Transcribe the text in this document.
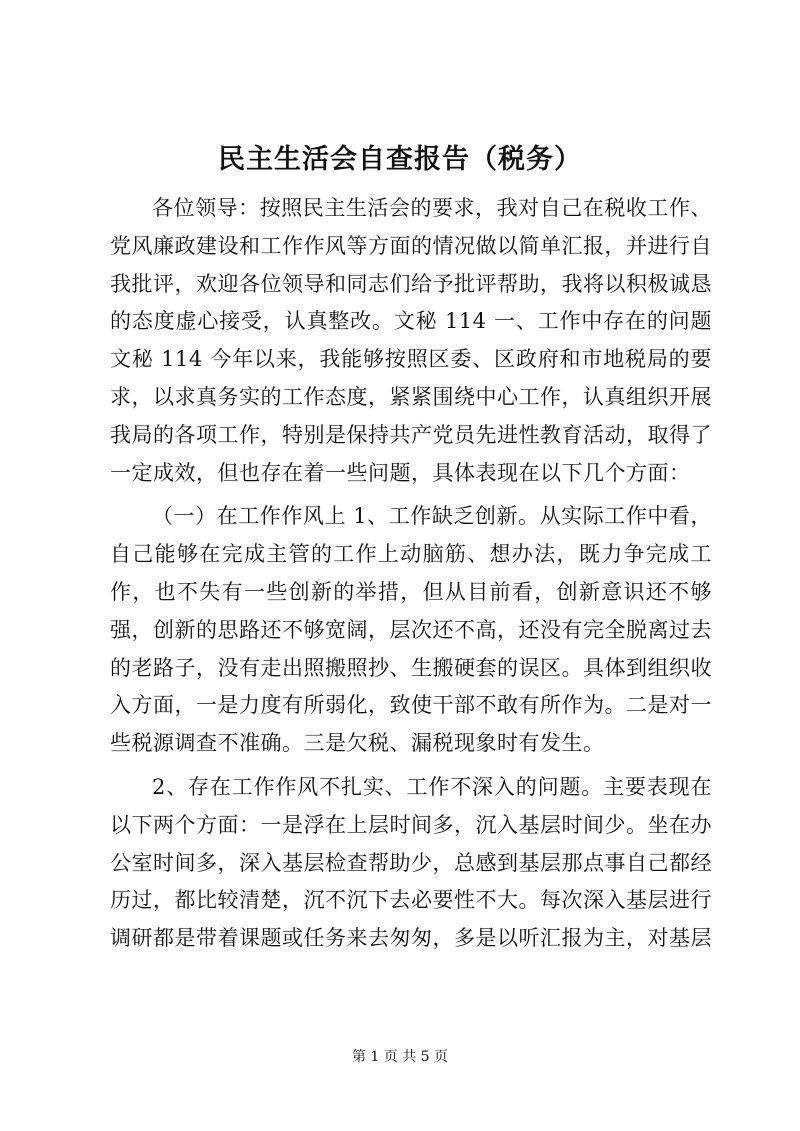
民主生活会自查报告（税务）

各位领导：按照民主生活会的要求，我对自己在税收工作、党风廉政建设和工作作风等方面的情况做以简单汇报，并进行自我批评，欢迎各位领导和同志们给予批评帮助，我将以积极诚恳的态度虚心接受，认真整改。文秘 114 一、工作中存在的问题文秘 114 今年以来，我能够按照区委、区政府和市地税局的要求，以求真务实的工作态度，紧紧围绕中心工作，认真组织开展我局的各项工作，特别是保持共产党员先进性教育活动，取得了一定成效，但也存在着一些问题，具体表现在以下几个方面：

（一）在工作作风上 1、工作缺乏创新。从实际工作中看，自己能够在完成主管的工作上动脑筋、想办法，既力争完成工作，也不失有一些创新的举措，但从目前看，创新意识还不够强，创新的思路还不够宽阔，层次还不高，还没有完全脱离过去的老路子，没有走出照搬照抄、生搬硬套的误区。具体到组织收入方面，一是力度有所弱化，致使干部不敢有所作为。二是对一些税源调查不准确。三是欠税、漏税现象时有发生。

2、存在工作作风不扎实、工作不深入的问题。主要表现在以下两个方面：一是浮在上层时间多，沉入基层时间少。坐在办公室时间多，深入基层检查帮助少，总感到基层那点事自己都经历过，都比较清楚，沉不沉下去必要性不大。每次深入基层进行调研都是带着课题或任务来去匆匆，多是以听汇报为主，对基层

第 1 页 共 5 页
